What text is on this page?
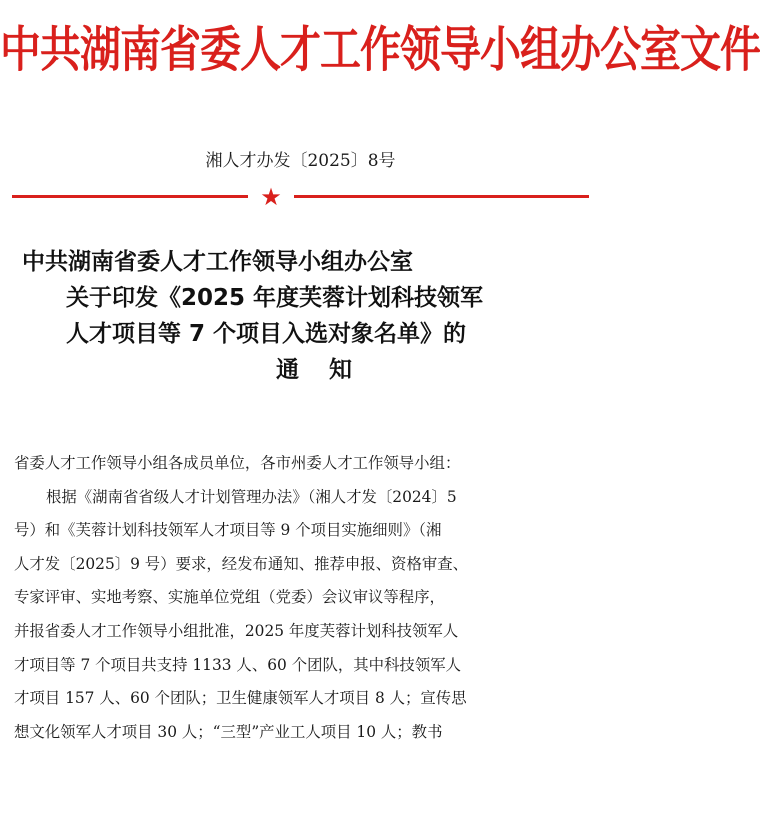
中共湖南省委人才工作领导小组办公室文件
湘人才办发〔2025〕8号
★
中共湖南省委人才工作领导小组办公室
关于印发《2025 年度芙蓉计划科技领军
人才项目等 7 个项目入选对象名单》的
通知
省委人才工作领导小组各成员单位，各市州委人才工作领导小组：
根据《湖南省省级人才计划管理办法》（湘人才发〔2024〕5
号）和《芙蓉计划科技领军人才项目等 9 个项目实施细则》（湘
人才发〔2025〕9 号）要求，经发布通知、推荐申报、资格审查、
专家评审、实地考察、实施单位党组（党委）会议审议等程序，
并报省委人才工作领导小组批准，2025 年度芙蓉计划科技领军人
才项目等 7 个项目共支持 1133 人、60 个团队，其中科技领军人
才项目 157 人、60 个团队；卫生健康领军人才项目 8 人；宣传思
想文化领军人才项目 30 人；“三型”产业工人项目 10 人；教书
